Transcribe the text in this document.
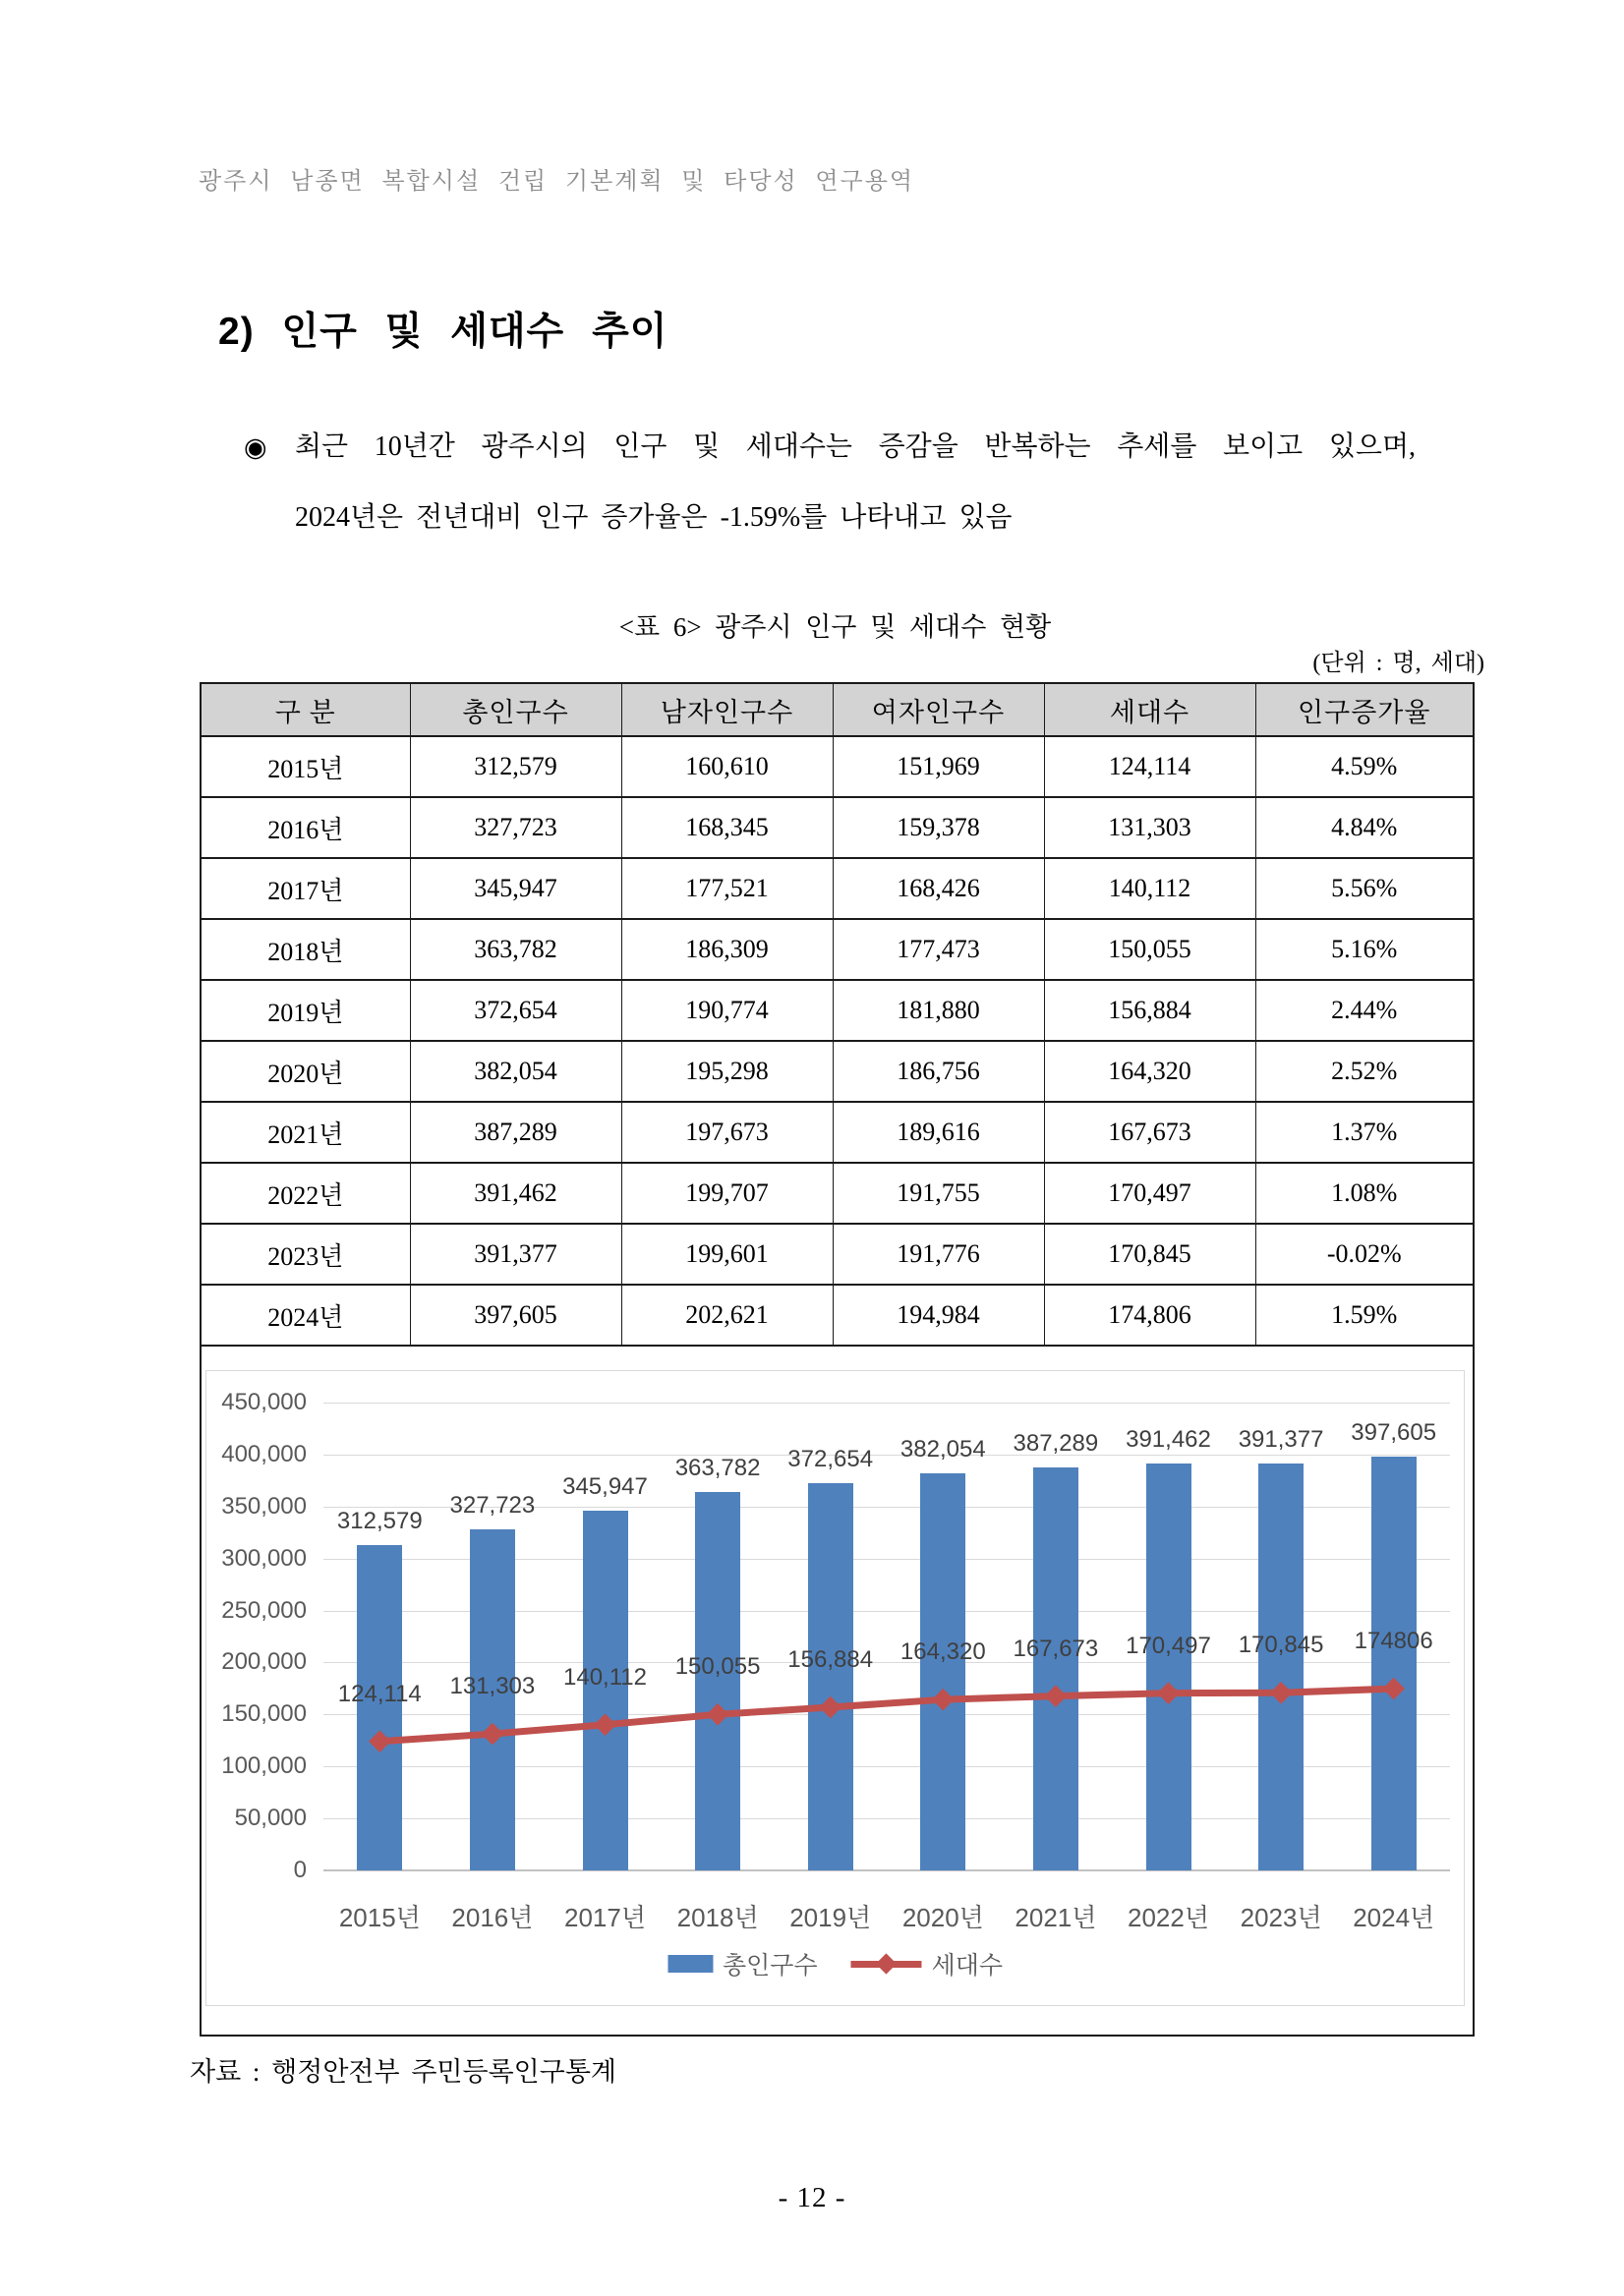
광주시 남종면 복합시설 건립 기본계획 및 타당성 연구용역
2) 인구 및 세대수 추이
◉	최근 10년간 광주시의 인구 및 세대수는 증감을 반복하는 추세를 보이고 있으며,
2024년은 전년대비 인구 증가율은 -1.59%를 나타내고 있음
<표 6> 광주시 인구 및 세대수 현황
(단위 : 명, 세대)
구 분	총인구수	남자인구수	여자인구수	세대수	인구증가율
2015년	312,579	160,610	151,969	124,114	4.59%
2016년	327,723	168,345	159,378	131,303	4.84%
2017년	345,947	177,521	168,426	140,112	5.56%
2018년	363,782	186,309	177,473	150,055	5.16%
2019년	372,654	190,774	181,880	156,884	2.44%
2020년	382,054	195,298	186,756	164,320	2.52%
2021년	387,289	197,673	189,616	167,673	1.37%
2022년	391,462	199,707	191,755	170,497	1.08%
2023년	391,377	199,601	191,776	170,845	-0.02%
2024년	397,605	202,621	194,984	174,806	1.59%
450,000
400,000
350,000
300,000
250,000
200,000
150,000
100,000
50,000
0
312,579
327,723
345,947
363,782	372,654	382,054	387,289	391,462	391,377	397,605
124,114	131,303	140,112	150,055	156,884	164,320	167,673	170,497	170,845	174806
2015년	2016년	2017년	2018년	2019년	2020년	2021년	2022년	2023년	2024년
총인구수	세대수
자료 : 행정안전부 주민등록인구통계
- 12 -
